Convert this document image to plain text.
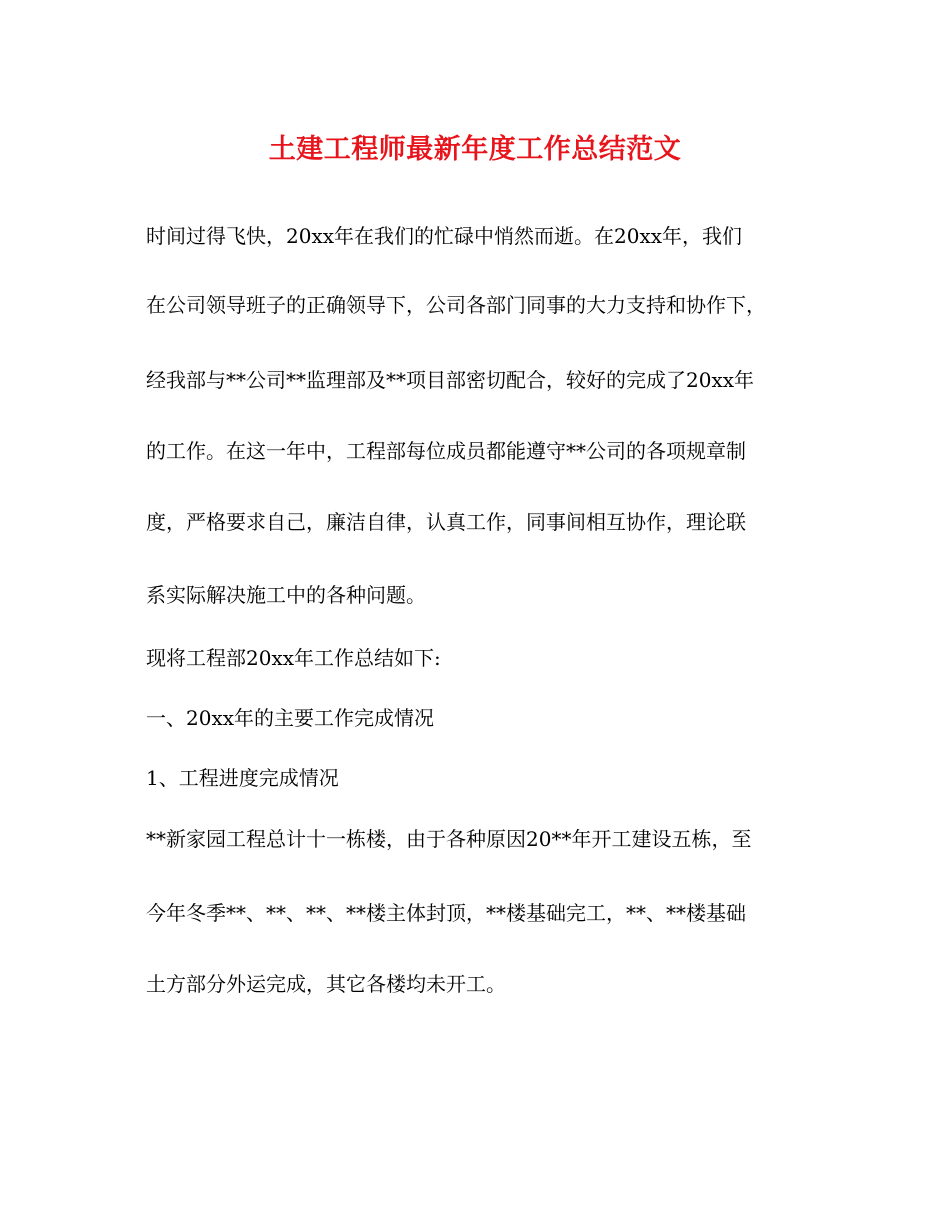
土建工程师最新年度工作总结范文
时间过得飞快，20xx年在我们的忙碌中悄然而逝。在20xx年，我们
在公司领导班子的正确领导下，公司各部门同事的大力支持和协作下，
经我部与**公司**监理部及**项目部密切配合，较好的完成了20xx年
的工作。在这一年中，工程部每位成员都能遵守**公司的各项规章制
度，严格要求自己，廉洁自律，认真工作，同事间相互协作，理论联
系实际解决施工中的各种问题。
现将工程部20xx年工作总结如下:
一、20xx年的主要工作完成情况
1、工程进度完成情况
**新家园工程总计十一栋楼，由于各种原因20**年开工建设五栋，至
今年冬季**、**、**、**楼主体封顶，**楼基础完工，**、**楼基础
土方部分外运完成，其它各楼均未开工。
